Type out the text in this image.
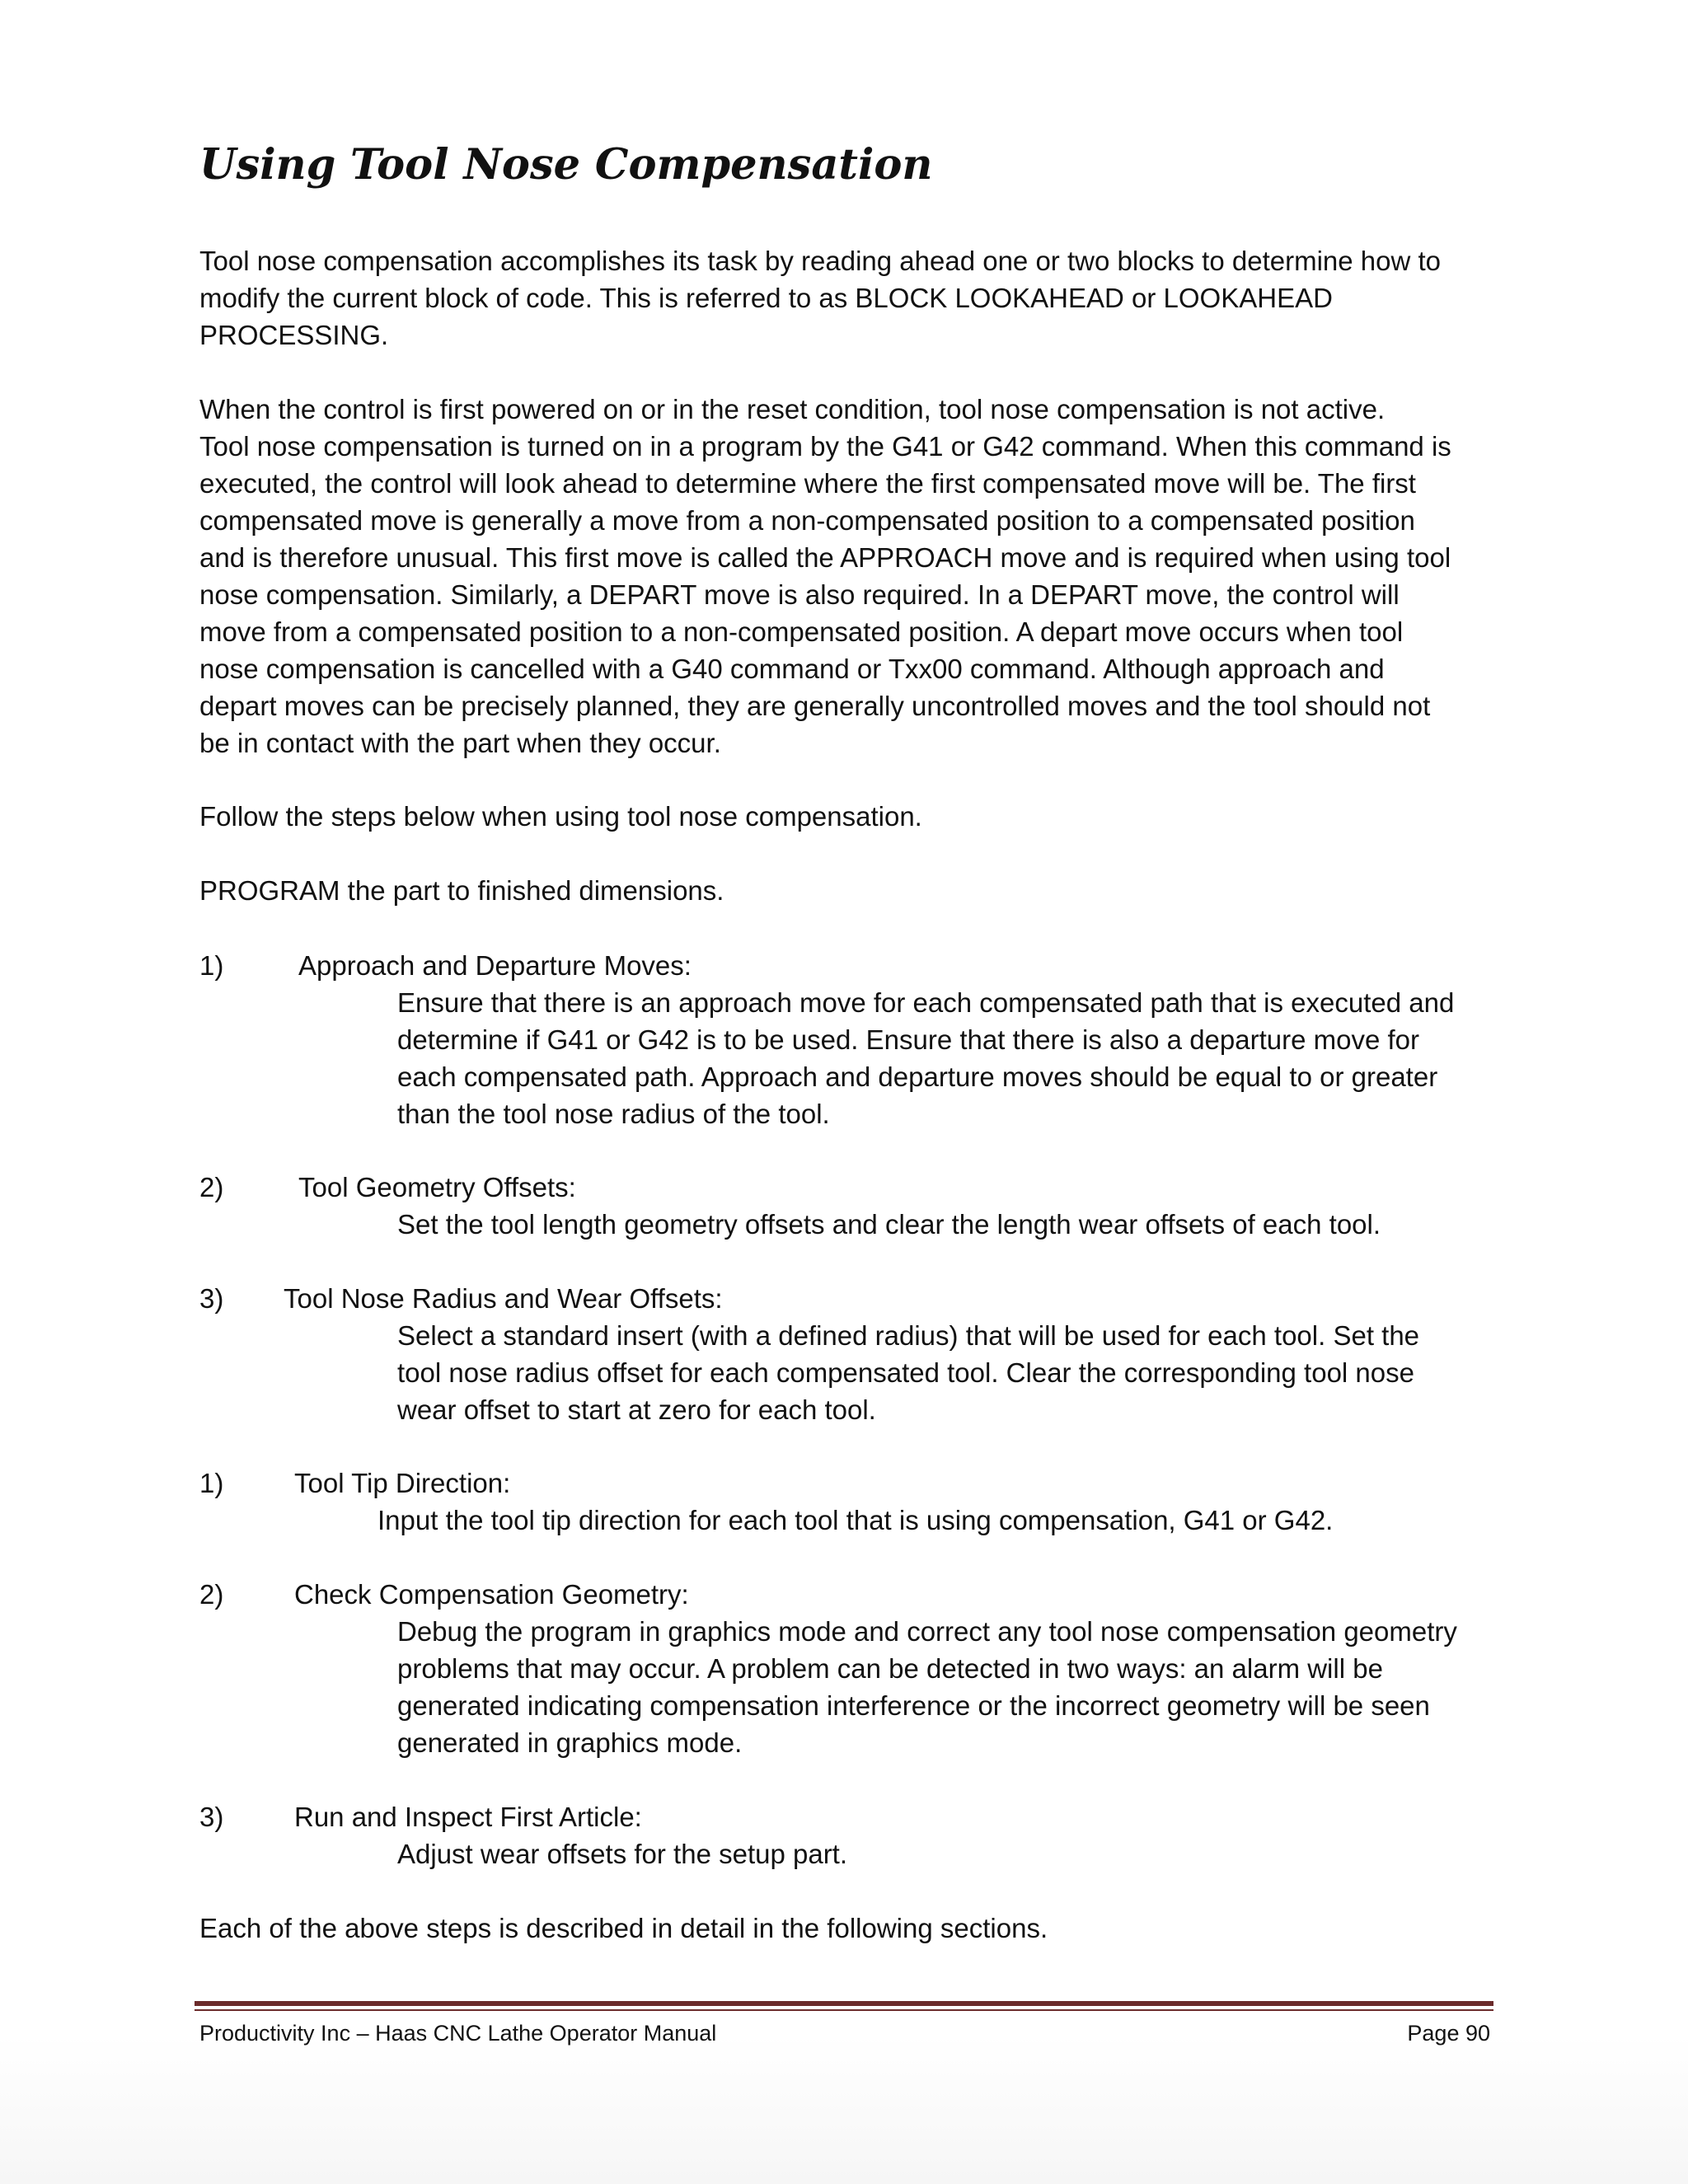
Using Tool Nose Compensation
Tool nose compensation accomplishes its task by reading ahead one or two blocks to determine how to
modify the current block of code. This is referred to as BLOCK LOOKAHEAD or LOOKAHEAD
PROCESSING.
When the control is first powered on or in the reset condition, tool nose compensation is not active.
Tool nose compensation is turned on in a program by the G41 or G42 command. When this command is
executed, the control will look ahead to determine where the first compensated move will be. The first
compensated move is generally a move from a non-compensated position to a compensated position
and is therefore unusual. This first move is called the APPROACH move and is required when using tool
nose compensation. Similarly, a DEPART move is also required. In a DEPART move, the control will
move from a compensated position to a non-compensated position. A depart move occurs when tool
nose compensation is cancelled with a G40 command or Txx00 command. Although approach and
depart moves can be precisely planned, they are generally uncontrolled moves and the tool should not
be in contact with the part when they occur.
Follow the steps below when using tool nose compensation.
PROGRAM the part to finished dimensions.
1)	Approach and Departure Moves:
Ensure that there is an approach move for each compensated path that is executed and
determine if G41 or G42 is to be used. Ensure that there is also a departure move for
each compensated path. Approach and departure moves should be equal to or greater
than the tool nose radius of the tool.
2)	Tool Geometry Offsets:
Set the tool length geometry offsets and clear the length wear offsets of each tool.
3) Tool Nose Radius and Wear Offsets:
Select a standard insert (with a defined radius) that will be used for each tool. Set the
tool nose radius offset for each compensated tool. Clear the corresponding tool nose
wear offset to start at zero for each tool.
1)	Tool Tip Direction:
Input the tool tip direction for each tool that is using compensation, G41 or G42.
2)	Check Compensation Geometry:
Debug the program in graphics mode and correct any tool nose compensation geometry
problems that may occur. A problem can be detected in two ways: an alarm will be
generated indicating compensation interference or the incorrect geometry will be seen
generated in graphics mode.
3)	Run and Inspect First Article:
Adjust wear offsets for the setup part.
Each of the above steps is described in detail in the following sections.
Productivity Inc – Haas CNC Lathe Operator Manual	Page 90
